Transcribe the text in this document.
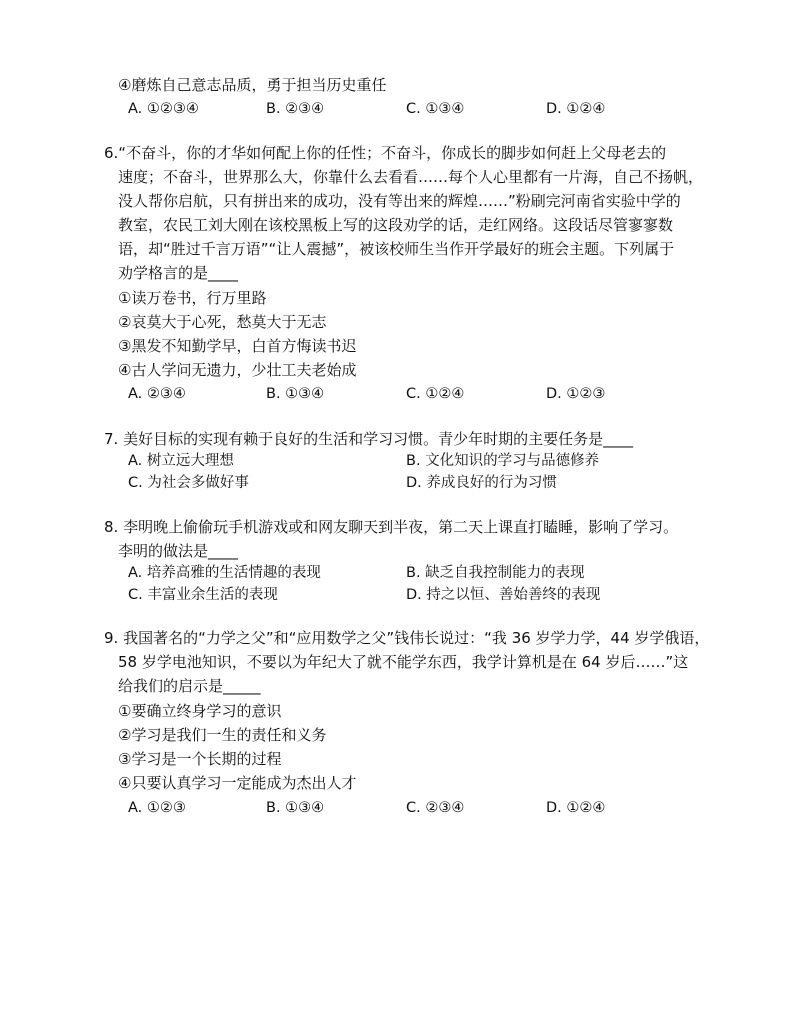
④磨炼自己意志品质，勇于担当历史重任
A. ①②③④	B. ②③④	C. ①③④	D. ①②④
6.“不奋斗，你的才华如何配上你的任性；不奋斗，你成长的脚步如何赶上父母老去的
速度；不奋斗，世界那么大，你靠什么去看看……每个人心里都有一片海，自己不扬帆，
没人帮你启航，只有拼出来的成功，没有等出来的辉煌……”粉刷完河南省实验中学的
教室，农民工刘大刚在该校黑板上写的这段劝学的话，走红网络。这段话尽管寥寥数
语，却“胜过千言万语”“让人震撼”，被该校师生当作开学最好的班会主题。下列属于
劝学格言的是____
①读万卷书，行万里路
②哀莫大于心死，愁莫大于无志
③黑发不知勤学早，白首方悔读书迟
④古人学问无遗力，少壮工夫老始成
A. ②③④	B. ①③④	C. ①②④	D. ①②③
7. 美好目标的实现有赖于良好的生活和学习习惯。青少年时期的主要任务是____
A. 树立远大理想	B. 文化知识的学习与品德修养
C. 为社会多做好事	D. 养成良好的行为习惯
8. 李明晚上偷偷玩手机游戏或和网友聊天到半夜，第二天上课直打瞌睡，影响了学习。
李明的做法是____
A. 培养高雅的生活情趣的表现	B. 缺乏自我控制能力的表现
C. 丰富业余生活的表现	D. 持之以恒、善始善终的表现
9. 我国著名的“力学之父”和“应用数学之父”钱伟长说过：“我 36 岁学力学，44 岁学俄语，
58 岁学电池知识，不要以为年纪大了就不能学东西，我学计算机是在 64 岁后……”这
给我们的启示是_____
①要确立终身学习的意识
②学习是我们一生的责任和义务
③学习是一个长期的过程
④只要认真学习一定能成为杰出人才
A. ①②③	B. ①③④	C. ②③④	D. ①②④
